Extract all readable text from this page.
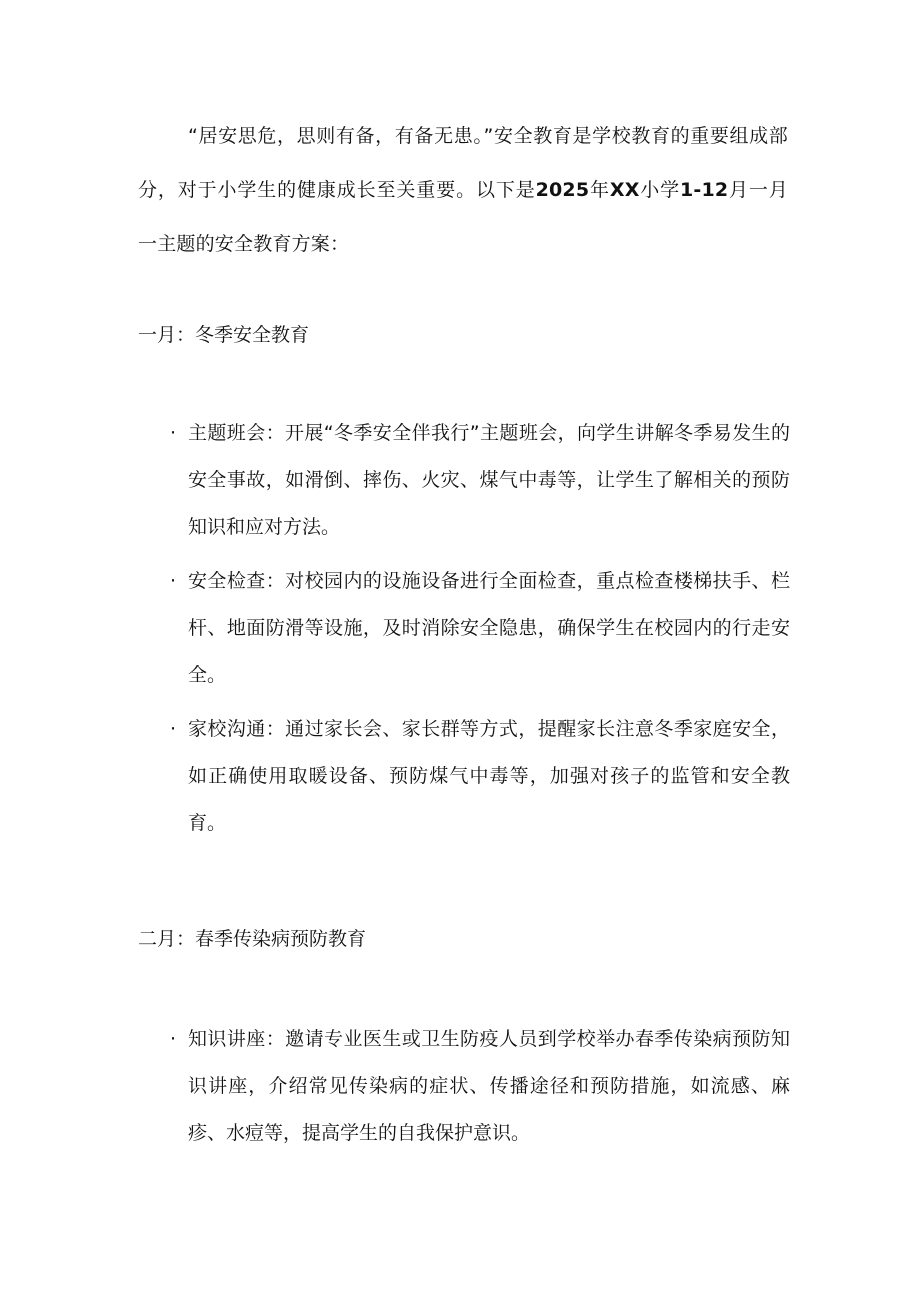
“居安思危，思则有备，有备无患。”安全教育是学校教育的重要组成部分，对于小学生的健康成长至关重要。以下是2025年XX小学1-12月一月一主题的安全教育方案：

一月：冬季安全教育
· 主题班会：开展“冬季安全伴我行”主题班会，向学生讲解冬季易发生的安全事故，如滑倒、摔伤、火灾、煤气中毒等，让学生了解相关的预防知识和应对方法。
· 安全检查：对校园内的设施设备进行全面检查，重点检查楼梯扶手、栏杆、地面防滑等设施，及时消除安全隐患，确保学生在校园内的行走安全。
· 家校沟通：通过家长会、家长群等方式，提醒家长注意冬季家庭安全，如正确使用取暖设备、预防煤气中毒等，加强对孩子的监管和安全教育。
二月：春季传染病预防教育
· 知识讲座：邀请专业医生或卫生防疫人员到学校举办春季传染病预防知识讲座，介绍常见传染病的症状、传播途径和预防措施，如流感、麻疹、水痘等，提高学生的自我保护意识。
